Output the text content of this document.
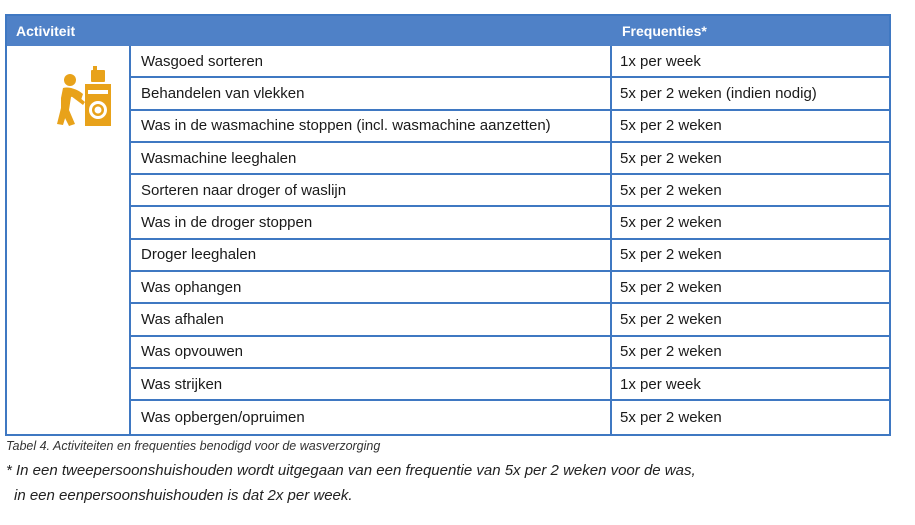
Activiteit	Frequenties*
Wasgoed sorteren	1x per week
Behandelen van vlekken	5x per 2 weken (indien nodig)
Was in de wasmachine stoppen (incl. wasmachine aanzetten)	5x per 2 weken
Wasmachine leeghalen	5x per 2 weken
Sorteren naar droger of waslijn	5x per 2 weken
Was in de droger stoppen	5x per 2 weken
Droger leeghalen	5x per 2 weken
Was ophangen	5x per 2 weken
Was afhalen	5x per 2 weken
Was opvouwen	5x per 2 weken
Was strijken	1x per week
Was opbergen/opruimen	5x per 2 weken
Tabel 4. Activiteiten en frequenties benodigd voor de wasverzorging
* In een tweepersoonshuishouden wordt uitgegaan van een frequentie van 5x per 2 weken voor de was,
in een eenpersoonshuishouden is dat 2x per week.
